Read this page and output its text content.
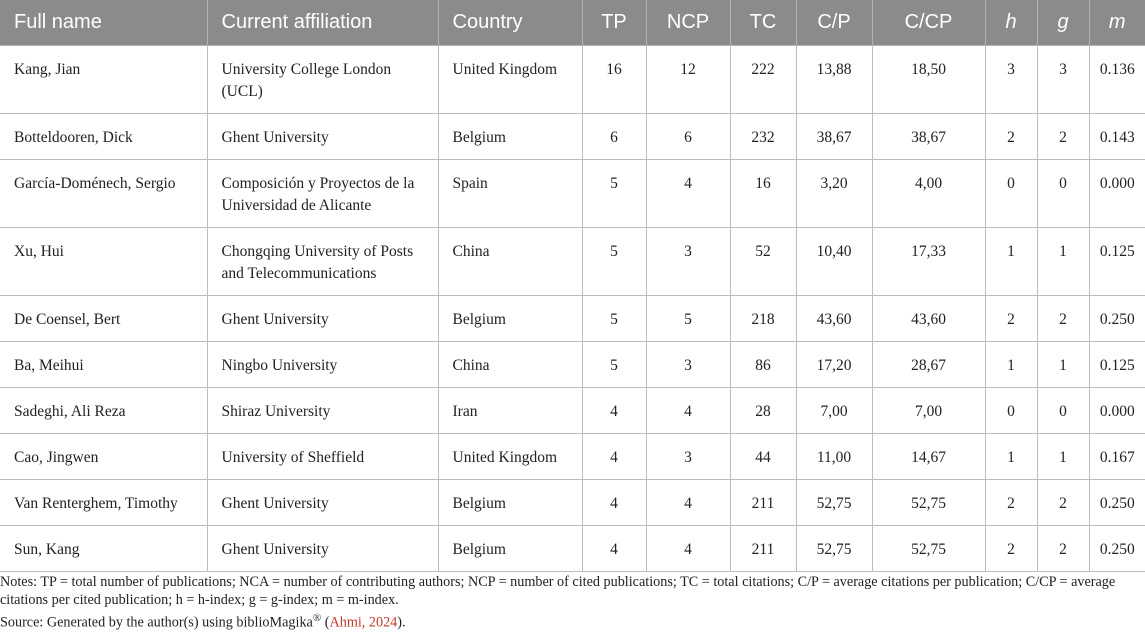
Full name	Current affiliation	Country	TP	NCP	TC	C/P	C/CP	h	g	m

Kang, Jian	University College London (UCL)	United Kingdom	16	12	222	13,88	18,50	3	3	0.136

Botteldooren, Dick	Ghent University	Belgium	6	6	232	38,67	38,67	2	2	0.143

García-Doménech, Sergio	Composición y Proyectos de la Universidad de Alicante	Spain	5	4	16	3,20	4,00	0	0	0.000

Xu, Hui	Chongqing University of Posts and Telecommunications	China	5	3	52	10,40	17,33	1	1	0.125

De Coensel, Bert	Ghent University	Belgium	5	5	218	43,60	43,60	2	2	0.250

Ba, Meihui	Ningbo University	China	5	3	86	17,20	28,67	1	1	0.125

Sadeghi, Ali Reza	Shiraz University	Iran	4	4	28	7,00	7,00	0	0	0.000

Cao, Jingwen	University of Sheffield	United Kingdom	4	3	44	11,00	14,67	1	1	0.167

Van Renterghem, Timothy	Ghent University	Belgium	4	4	211	52,75	52,75	2	2	0.250

Sun, Kang	Ghent University	Belgium	4	4	211	52,75	52,75	2	2	0.250

Notes: TP = total number of publications; NCA = number of contributing authors; NCP = number of cited publications; TC = total citations; C/P = average citations per publication; C/CP = average citations per cited publication; h = h-index; g = g-index; m = m-index.

Source: Generated by the author(s) using biblioMagika® (Ahmi, 2024).
